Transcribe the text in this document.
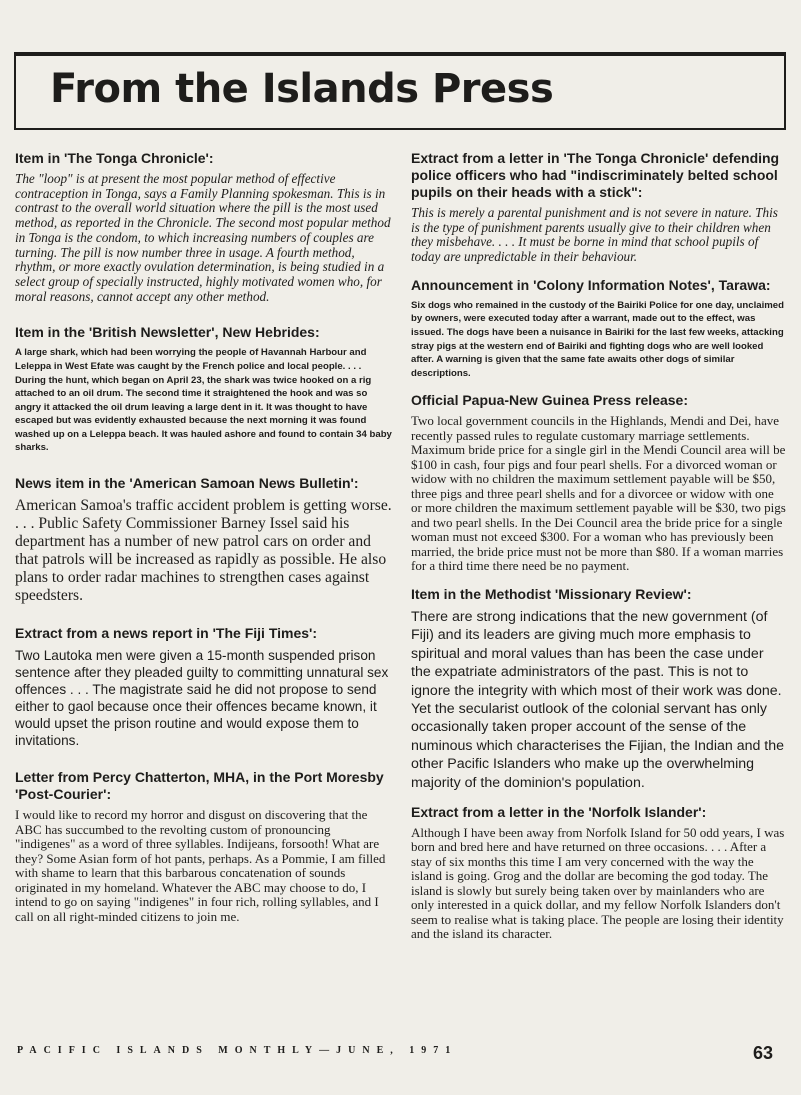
From the Islands Press
Item in 'The Tonga Chronicle':
The "loop" is at present the most popular method of effective contraception in Tonga, says a Family Planning spokesman. This is in contrast to the overall world situation where the pill is the most used method, as reported in the Chronicle. The second most popular method in Tonga is the condom, to which increasing numbers of couples are turning. The pill is now number three in usage. A fourth method, rhythm, or more exactly ovulation determination, is being studied in a select group of specially instructed, highly motivated women who, for moral reasons, cannot accept any other method.
Item in the 'British Newsletter', New Hebrides:
A large shark, which had been worrying the people of Havannah Harbour and Leleppa in West Efate was caught by the French police and local people. . . . During the hunt, which began on April 23, the shark was twice hooked on a rig attached to an oil drum. The second time it straightened the hook and was so angry it attacked the oil drum leaving a large dent in it. It was thought to have escaped but was evidently exhausted because the next morning it was found washed up on a Leleppa beach. It was hauled ashore and found to contain 34 baby sharks.
News item in the 'American Samoan News Bulletin':
American Samoa's traffic accident problem is getting worse. . . . Public Safety Commissioner Barney Issel said his department has a number of new patrol cars on order and that patrols will be increased as rapidly as possible. He also plans to order radar machines to strengthen cases against speedsters.
Extract from a news report in 'The Fiji Times':
Two Lautoka men were given a 15-month suspended prison sentence after they pleaded guilty to committing unnatural sex offences . . . The magistrate said he did not propose to send either to gaol because once their offences became known, it would upset the prison routine and would expose them to invitations.
Letter from Percy Chatterton, MHA, in the Port Moresby 'Post-Courier':
I would like to record my horror and disgust on discovering that the ABC has succumbed to the revolting custom of pronouncing "indigenes" as a word of three syllables. Indijeans, forsooth! What are they? Some Asian form of hot pants, perhaps. As a Pommie, I am filled with shame to learn that this barbarous concatenation of sounds originated in my homeland. Whatever the ABC may choose to do, I intend to go on saying "indigenes" in four rich, rolling syllables, and I call on all right-minded citizens to join me.
Extract from a letter in 'The Tonga Chronicle' defending police officers who had "indiscriminately belted school pupils on their heads with a stick":
This is merely a parental punishment and is not severe in nature. This is the type of punishment parents usually give to their children when they misbehave. . . . It must be borne in mind that school pupils of today are unpredictable in their behaviour.
Announcement in 'Colony Information Notes', Tarawa:
Six dogs who remained in the custody of the Bairiki Police for one day, unclaimed by owners, were executed today after a warrant, made out to the effect, was issued. The dogs have been a nuisance in Bairiki for the last few weeks, attacking stray pigs at the western end of Bairiki and fighting dogs who are well looked after. A warning is given that the same fate awaits other dogs of similar descriptions.
Official Papua-New Guinea Press release:
Two local government councils in the Highlands, Mendi and Dei, have recently passed rules to regulate customary marriage settlements. Maximum bride price for a single girl in the Mendi Council area will be $100 in cash, four pigs and four pearl shells. For a divorced woman or widow with no children the maximum settlement payable will be $50, three pigs and three pearl shells and for a divorcee or widow with one or more children the maximum settlement payable will be $30, two pigs and two pearl shells. In the Dei Council area the bride price for a single woman must not exceed $300. For a woman who has previously been married, the bride price must not be more than $80. If a woman marries for a third time there need be no payment.
Item in the Methodist 'Missionary Review':
There are strong indications that the new government (of Fiji) and its leaders are giving much more emphasis to spiritual and moral values than has been the case under the expatriate administrators of the past. This is not to ignore the integrity with which most of their work was done. Yet the secularist outlook of the colonial servant has only occasionally taken proper account of the sense of the numinous which characterises the Fijian, the Indian and the other Pacific Islanders who make up the overwhelming majority of the dominion's population.
Extract from a letter in the 'Norfolk Islander':
Although I have been away from Norfolk Island for 50 odd years, I was born and bred here and have returned on three occasions. . . . After a stay of six months this time I am very concerned with the way the island is going. Grog and the dollar are becoming the god today. The island is slowly but surely being taken over by mainlanders who are only interested in a quick dollar, and my fellow Norfolk Islanders don't seem to realise what is taking place. The people are losing their identity and the island its character.
PACIFIC ISLANDS MONTHLY—JUNE, 1971	63
